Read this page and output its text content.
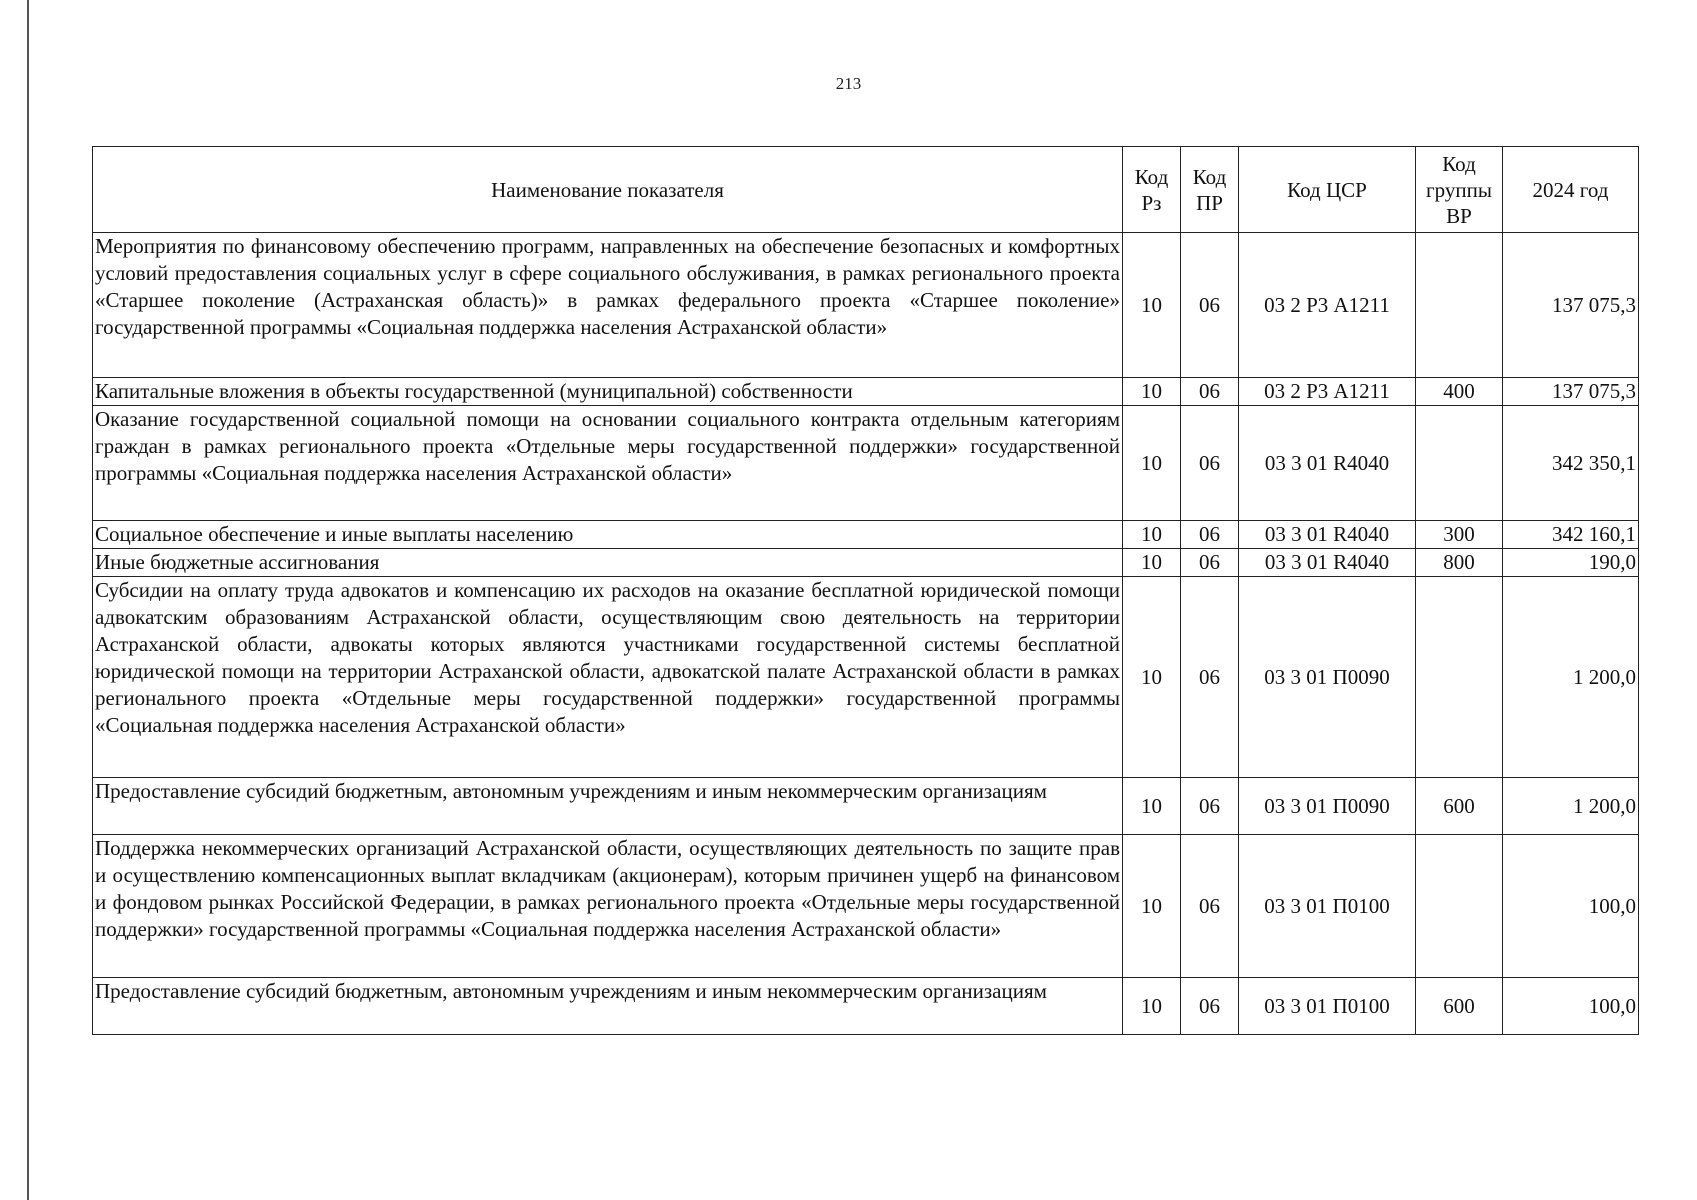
213
Наименование показателя	Код Рз	Код ПР	Код ЦСР	Код группы ВР	2024 год
Мероприятия по финансовому обеспечению программ, направленных на обеспечение безопасных и комфортных условий предоставления социальных услуг в сфере социального обслуживания, в рамках регионального проекта «Старшее поколение (Астраханская область)» в рамках федерального проекта «Старшее поколение» государственной программы «Социальная поддержка населения Астраханской области»	10	06	03 2 Р3 А1211		137 075,3
Капитальные вложения в объекты государственной (муниципальной) собственности	10	06	03 2 Р3 А1211	400	137 075,3
Оказание государственной социальной помощи на основании социального контракта отдельным категориям граждан в рамках регионального проекта «Отдельные меры государственной поддержки» государственной программы «Социальная поддержка населения Астраханской области»	10	06	03 3 01 R4040		342 350,1
Социальное обеспечение и иные выплаты населению	10	06	03 3 01 R4040	300	342 160,1
Иные бюджетные ассигнования	10	06	03 3 01 R4040	800	190,0
Субсидии на оплату труда адвокатов и компенсацию их расходов на оказание бесплатной юридической помощи адвокатским образованиям Астраханской области, осуществляющим свою деятельность на территории Астраханской области, адвокаты которых являются участниками государственной системы бесплатной юридической помощи на территории Астраханской области, адвокатской палате Астраханской области в рамках регионального проекта «Отдельные меры государственной поддержки» государственной программы «Социальная поддержка населения Астраханской области»	10	06	03 3 01 П0090		1 200,0
Предоставление субсидий бюджетным, автономным учреждениям и иным некоммерческим организациям	10	06	03 3 01 П0090	600	1 200,0
Поддержка некоммерческих организаций Астраханской области, осуществляющих деятельность по защите прав и осуществлению компенсационных выплат вкладчикам (акционерам), которым причинен ущерб на финансовом и фондовом рынках Российской Федерации, в рамках регионального проекта «Отдельные меры государственной поддержки» государственной программы «Социальная поддержка населения Астраханской области»	10	06	03 3 01 П0100		100,0
Предоставление субсидий бюджетным, автономным учреждениям и иным некоммерческим организациям	10	06	03 3 01 П0100	600	100,0
